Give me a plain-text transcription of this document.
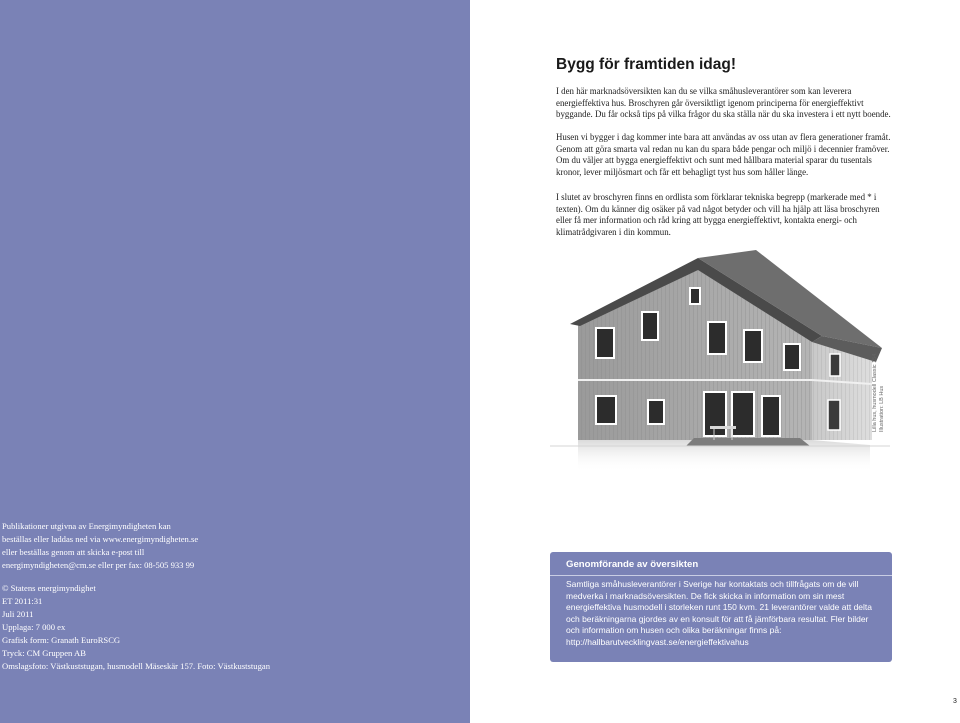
Publikationer utgivna av Energimyndigheten kan
beställas eller laddas ned via www.energimyndigheten.se
eller beställas genom att skicka e-post till
energimyndigheten@cm.se eller per fax: 08-505 933 99
© Statens energimyndighet
ET 2011:31
Juli 2011
Upplaga: 7 000 ex
Grafisk form: Granath EuroRSCG
Tryck: CM Gruppen AB
Omslagsfoto: Västkuststugan, husmodell Mäseskär 157. Foto: Västkuststugan
Bygg för framtiden idag!
I den här marknadsöversikten kan du se vilka småhusleverantörer som kan leverera energieffektiva hus. Broschyren går översiktligt igenom principerna för energieffektivt byggande. Du får också tips på vilka frågor du ska ställa när du ska investera i ett nytt boende.
Husen vi bygger i dag kommer inte bara att användas av oss utan av flera generationer framåt. Genom att göra smarta val redan nu kan du spara både pengar och miljö i decennier framöver. Om du väljer att bygga energieffektivt och sunt med hållbara material sparar du tusentals kronor, lever miljösmart och får ett behagligt tyst hus som håller länge.
I slutet av broschyren finns en ordlista som förklarar tekniska begrepp (markerade med * i texten). Om du känner dig osäker på vad något betyder och vill ha hjälp att läsa broschyren eller få mer information och råd kring att bygga energieffektivt, kontakta energi- och klimatrådgivaren i din kommun.
Lilla hus, husmodell Classic 154. Illustration: LB Hus
Genomförande av översikten
Samtliga småhusleverantörer i Sverige har kontaktats och tillfrågats om de vill medverka i marknadsöversikten. De fick skicka in information om sin mest energieffektiva husmodell i storleken runt 150 kvm. 21 leverantörer valde att delta och beräkningarna gjordes av en konsult för att få jämförbara resultat. Fler bilder och information om husen och olika beräkningar finns på: http://hallbarutvecklingvast.se/energieffektivahus
3
